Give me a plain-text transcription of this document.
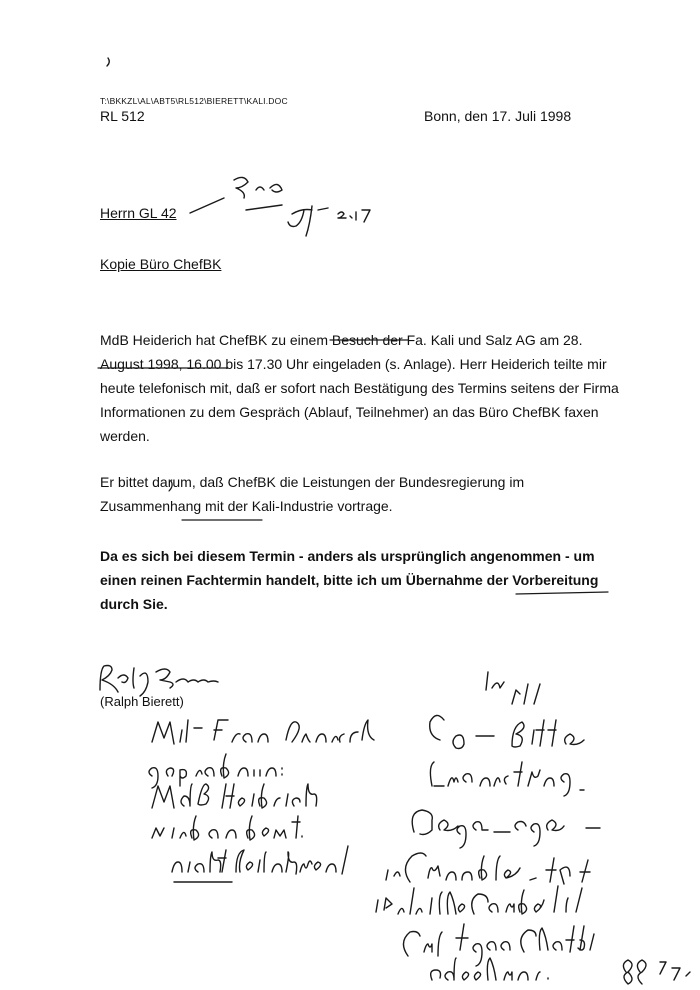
T:\BKKZL\AL\ABT5\RL512\BIERETT\KALI.DOC
RL 512	Bonn, den 17. Juli 1998
Herrn GL 42
Kopie Büro ChefBK
MdB Heiderich hat ChefBK zu einem Besuch der Fa. Kali und Salz AG am 28. August 1998, 16.00 bis 17.30 Uhr eingeladen (s. Anlage). Herr Heiderich teilte mir heute telefonisch mit, daß er sofort nach Bestätigung des Termins seitens der Firma Informationen zu dem Gespräch (Ablauf, Teilnehmer) an das Büro ChefBK faxen werden.
Er bittet darum, daß ChefBK die Leistungen der Bundesregierung im Zusammenhang mit der Kali-Industrie vortrage.
Da es sich bei diesem Termin - anders als ursprünglich angenommen - um einen reinen Fachtermin handelt, bitte ich um Übernahme der Vorbereitung durch Sie.
(Ralph Bierett)
